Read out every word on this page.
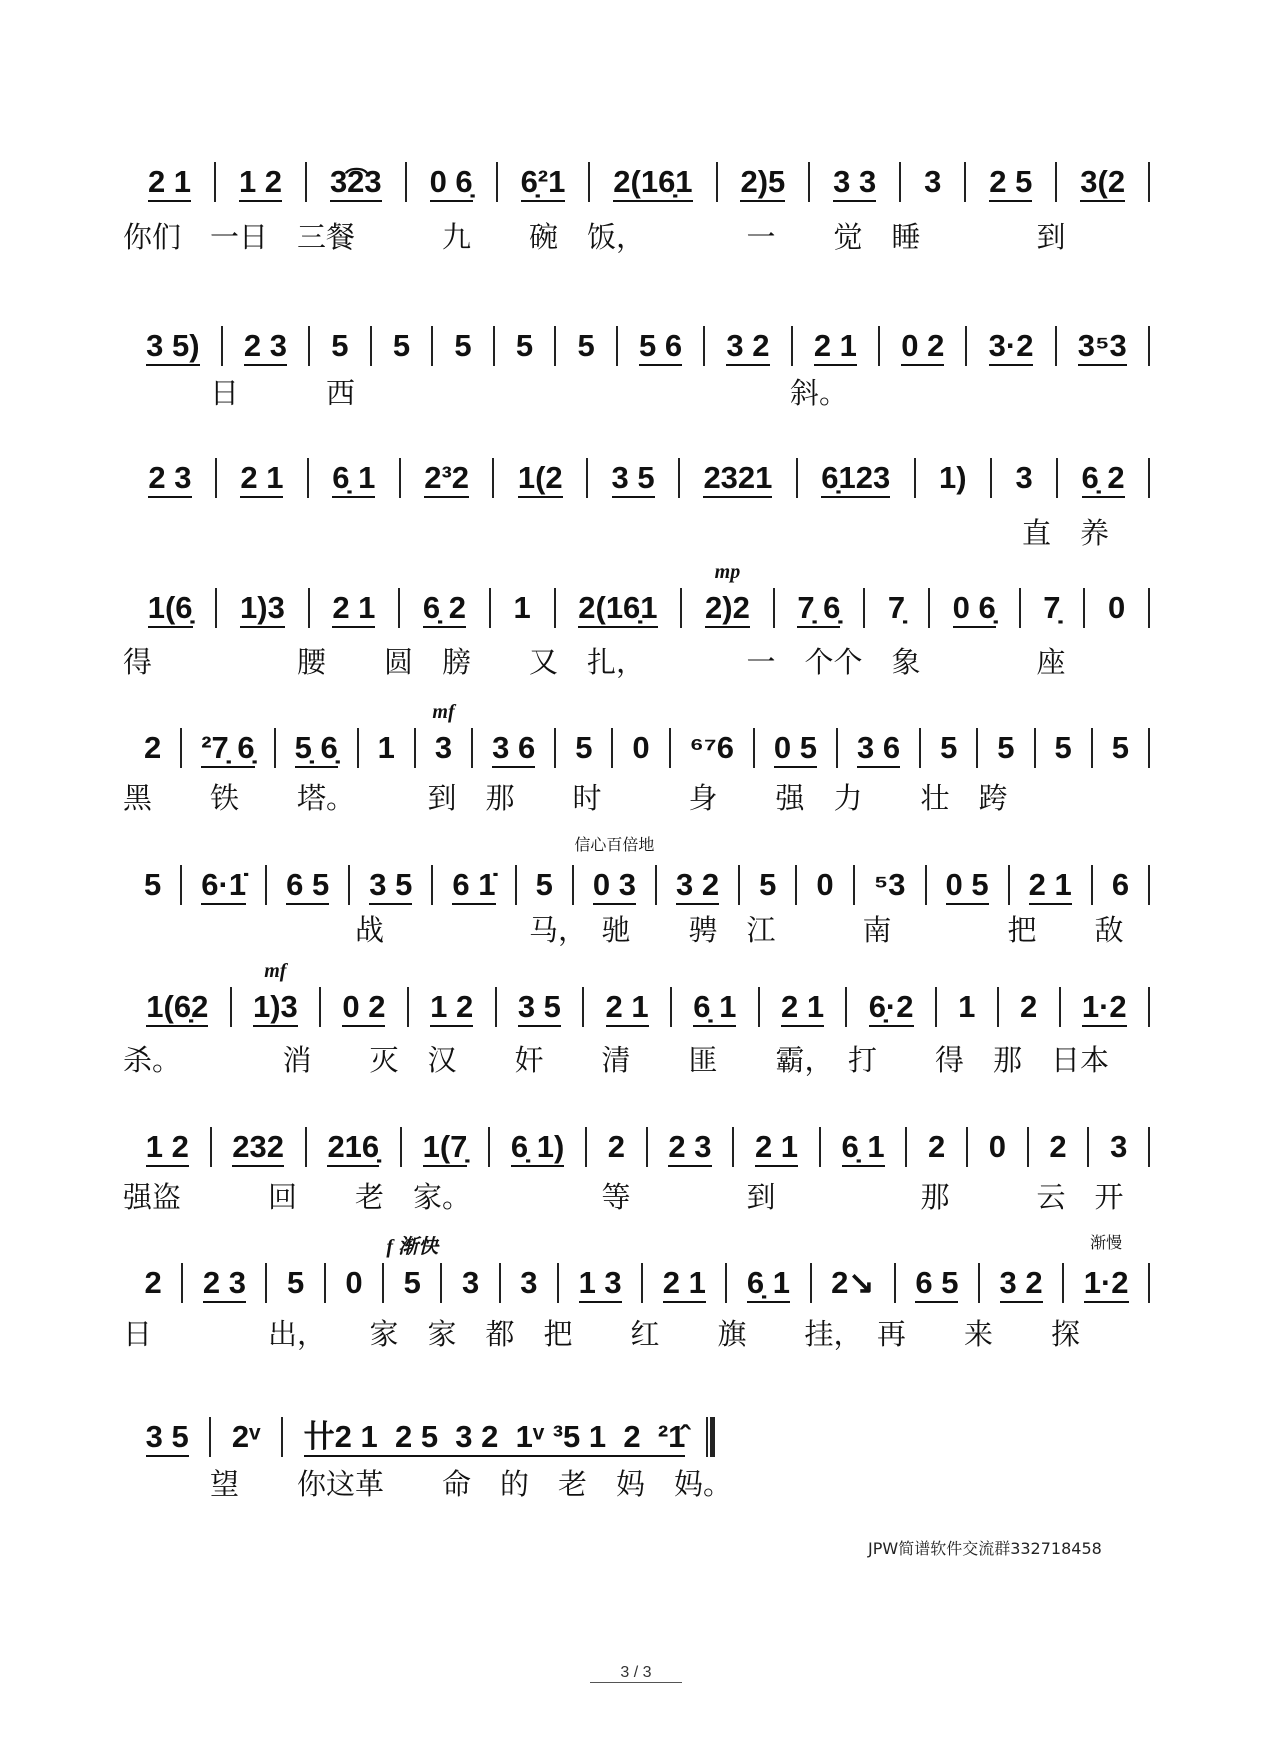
2 1	1 2	3͡23	0 6̣	6̣²1	2(16̣1	2)5	3 3	3	2 5	3(2
你们　一日　三餐　　　九　　碗　饭，　　　　一　　觉　睡　　　　到
3 5)	2 3	5	5	5	5	5	5 6	3 2	2 1	0 2	3·2	3⁵3
　　　日　　　西　　　　　　　　　　　　　　　斜。
2 3	2 1	6̣ 1	2³2	1(2	3 5	2321	6̣123	1)	3	6̣ 2
　　　　　　　　　　　　　　　　　　　　　　　　　　　　　　　直　养
1(6̣	1)3	2 1	6̣ 2	1	2(16̣1	2)2
mp
7̣ 6̣	7̣	0 6̣	7̣	0
得　　　　　腰　　圆　膀　　又　扎，　　　　一　个个　象　　　　座
2	²7̣ 6̣	5̣ 6̣	1	3
mf
3 6	5	0	⁶⁷6	0 5	3 6	5	5	5	5
黑　　铁　　塔。　　　到　那　　时　　　身　　强　力　　壮　跨
5	6·1̇	6 5	3 5	6 1̇	5	0 3
信心百倍地
3 2	5	0	⁵3	0 5	2 1	6
　　　　　　　　战　　　　　马，　驰　　骋　江　　　南　　　　把　　敌
1(6̣2	1)3
mf
0 2	1 2	3 5	2 1	6̣ 1	2 1	6̣·2	1	2	1·2
杀。　　　　消　　灭　汉　　奸　　清　　匪　　霸，　打　　得　那　日本
1 2	232	216̣	1(7̣	6̣ 1)	2	2 3	2 1	6̣ 1	2	0	2	3
强盗　　　回　　老　家。　　　　　等　　　　到　　　　　那　　　云　开
2	2 3	5	0	5
f 渐快
3	3	1 3	2 1	6̣ 1	2↘	6 5	3 2	1·2
渐慢
日　　　　出，　　家　家　都　把　　红　　旗　　挂，　再　　来　　探
3 5	2ᵛ	卄2 1  2 5  3 2  1ᵛ ³5 1  2  ²1̂
　　　望　　你这革　　命　的　老　妈　妈。
JPW简谱软件交流群332718458
3 / 3
